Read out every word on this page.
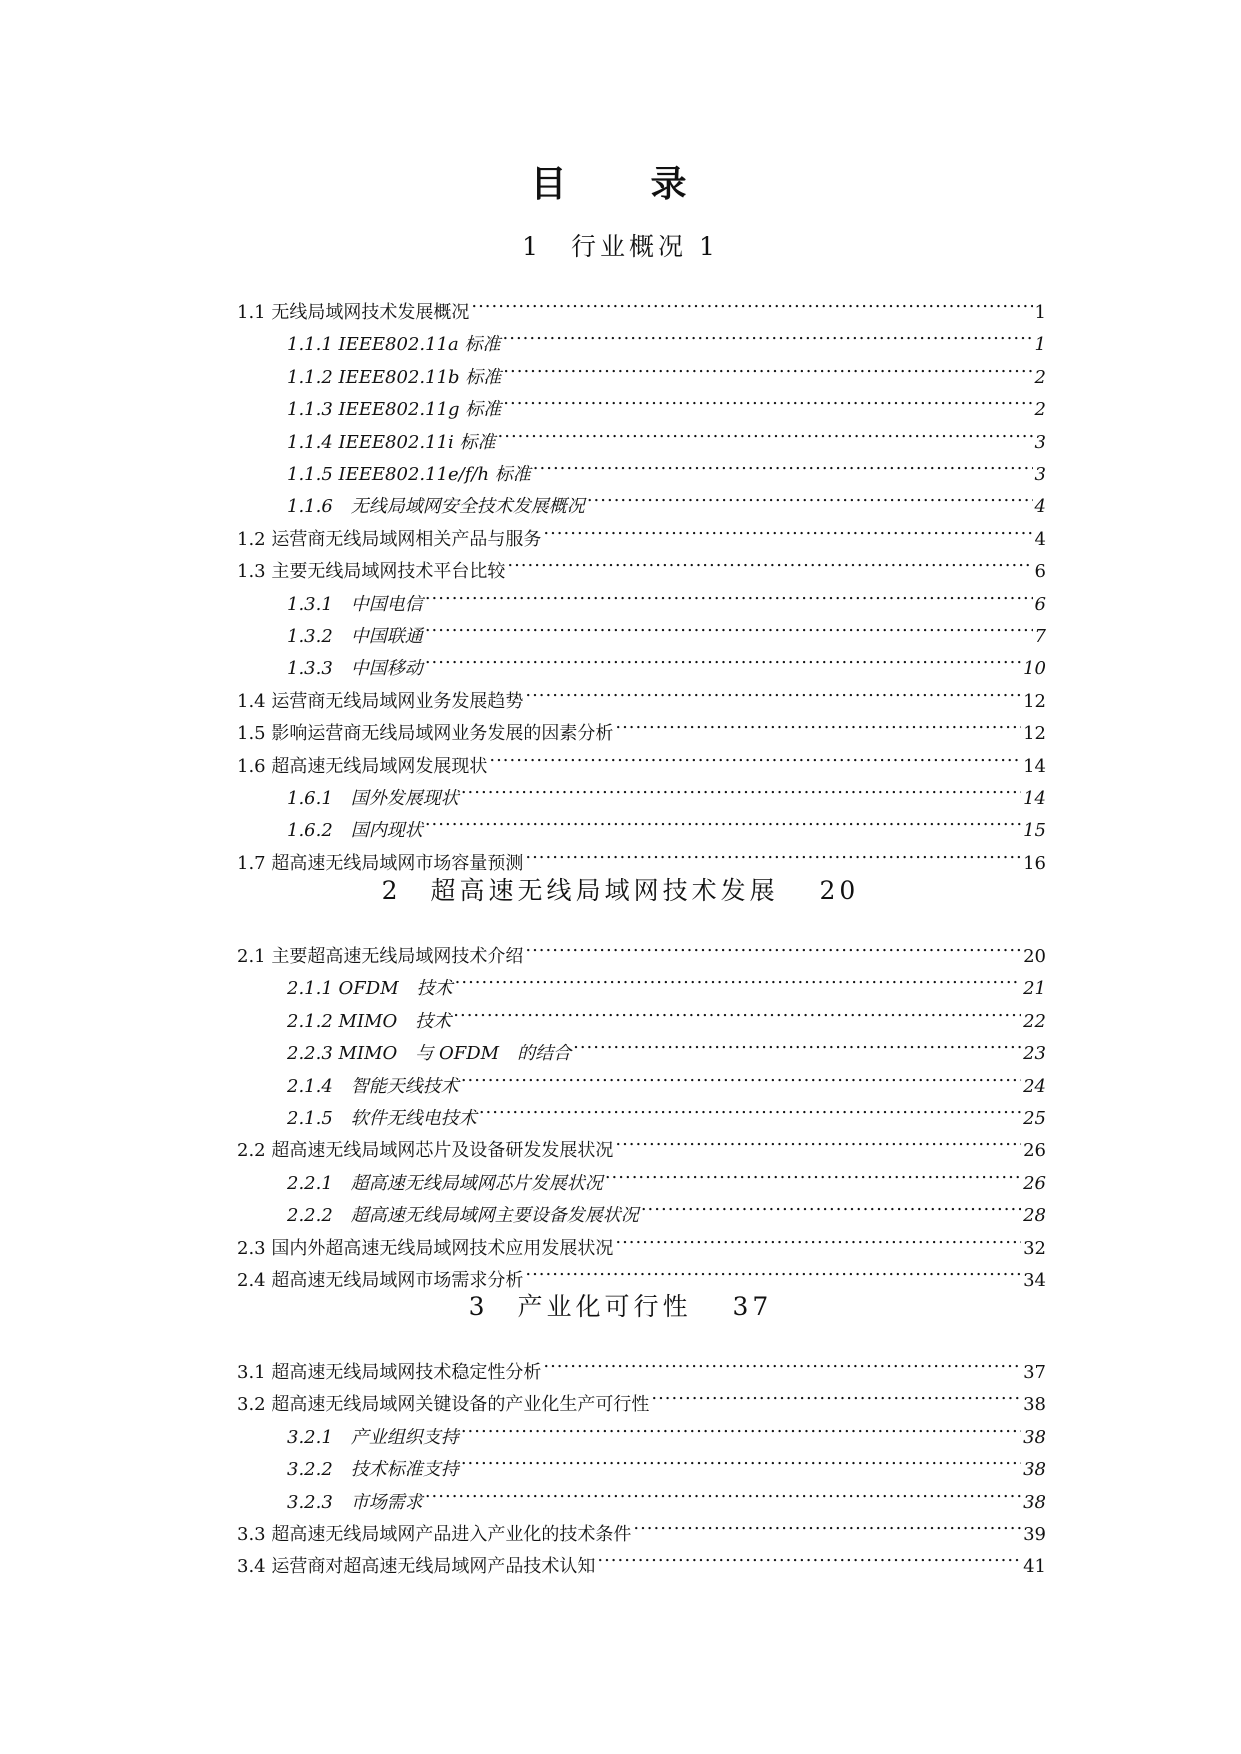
目　录
1　行业概况 1
1.1 无线局域网技术发展概况 .....	1
1.1.1 IEEE802.11a 标准 .....	1
1.1.2 IEEE802.11b 标准 .....	2
1.1.3 IEEE802.11g 标准 .....	2
1.1.4 IEEE802.11i 标准 .....	3
1.1.5 IEEE802.11e/f/h 标准 .....	3
1.1.6　无线局域网安全技术发展概况 .....	4
1.2 运营商无线局域网相关产品与服务 .....	4
1.3 主要无线局域网技术平台比较 .....	6
1.3.1　中国电信 .....	6
1.3.2　中国联通 .....	7
1.3.3　中国移动 .....	10
1.4 运营商无线局域网业务发展趋势 .....	12
1.5 影响运营商无线局域网业务发展的因素分析 .....	12
1.6 超高速无线局域网发展现状 .....	14
1.6.1　国外发展现状 .....	14
1.6.2　国内现状 .....	15
1.7 超高速无线局域网市场容量预测 .....	16
2　超高速无线局域网技术发展　 20
2.1 主要超高速无线局域网技术介绍 .....	20
2.1.1 OFDM　技术 .....	21
2.1.2 MIMO　技术 .....	22
2.2.3 MIMO　与 OFDM　的结合 .....	23
2.1.4　智能天线技术 .....	24
2.1.5　软件无线电技术 .....	25
2.2 超高速无线局域网芯片及设备研发发展状况 .....	26
2.2.1　超高速无线局域网芯片发展状况 .....	26
2.2.2　超高速无线局域网主要设备发展状况 .....	28
2.3 国内外超高速无线局域网技术应用发展状况 .....	32
2.4 超高速无线局域网市场需求分析 .....	34
3　产业化可行性　 37
3.1 超高速无线局域网技术稳定性分析 .....	37
3.2 超高速无线局域网关键设备的产业化生产可行性 .....	38
3.2.1　产业组织支持 .....	38
3.2.2　技术标准支持 .....	38
3.2.3　市场需求 .....	38
3.3 超高速无线局域网产品进入产业化的技术条件 .....	39
3.4 运营商对超高速无线局域网产品技术认知 .....	41
